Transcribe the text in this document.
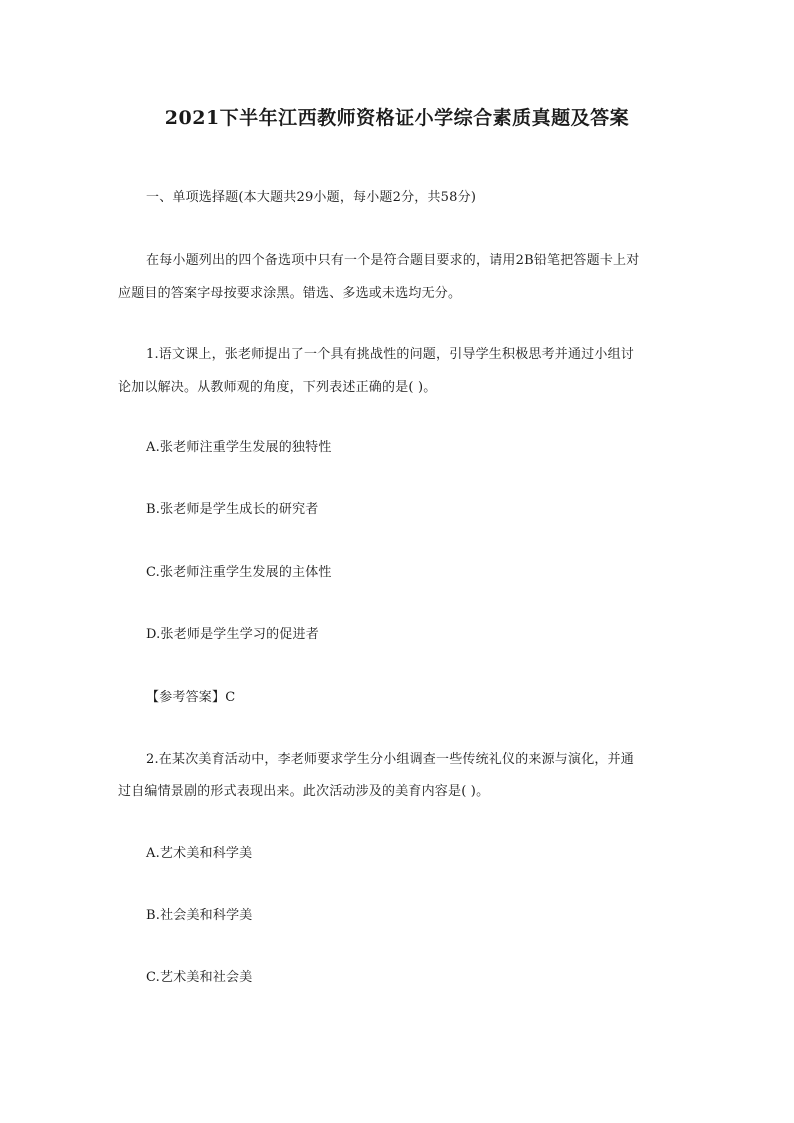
2021下半年江西教师资格证小学综合素质真题及答案
一、单项选择题(本大题共29小题，每小题2分，共58分)
在每小题列出的四个备选项中只有一个是符合题目要求的，请用2B铅笔把答题卡上对
应题目的答案字母按要求涂黑。错选、多选或未选均无分。
1.语文课上，张老师提出了一个具有挑战性的问题，引导学生积极思考并通过小组讨
论加以解决。从教师观的角度，下列表述正确的是( )。
A.张老师注重学生发展的独特性
B.张老师是学生成长的研究者
C.张老师注重学生发展的主体性
D.张老师是学生学习的促进者
【参考答案】C
2.在某次美育活动中，李老师要求学生分小组调查一些传统礼仪的来源与演化，并通
过自编情景剧的形式表现出来。此次活动涉及的美育内容是( )。
A.艺术美和科学美
B.社会美和科学美
C.艺术美和社会美
